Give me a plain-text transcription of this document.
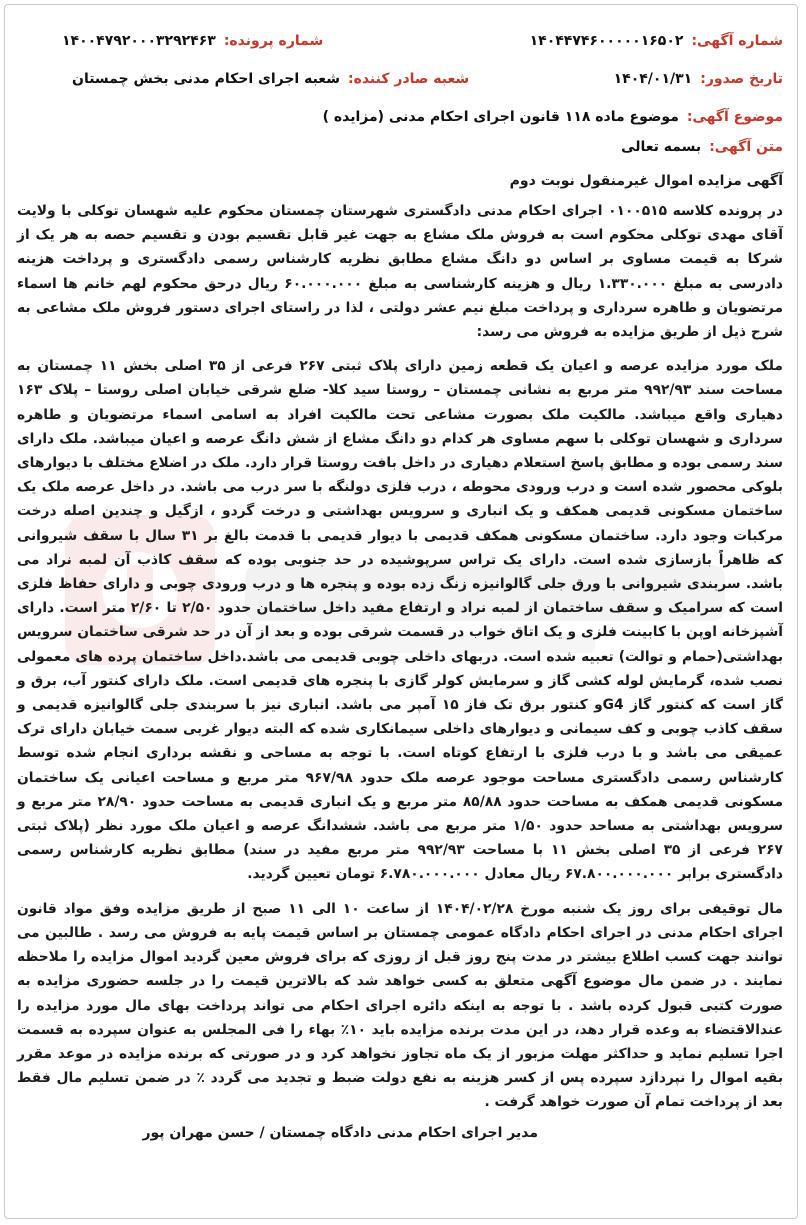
شماره آگهی:
۱۴۰۴۴۷۴۶۰۰۰۰۰۱۶۵۰۲
شماره پرونده:
۱۴۰۰۴۷۹۲۰۰۰۳۲۹۲۴۶۳
تاریخ صدور:
۱۴۰۴/۰۱/۳۱
شعبه صادر کننده:
شعبه اجرای احکام مدنی بخش چمستان
موضوع آگهی:
موضوع ماده ۱۱۸ قانون اجرای احکام مدنی (مزایده )
متن آگهی:
بسمه تعالی
آگهی مزایده اموال غیرمنقول نوبت دوم

در پرونده کلاسه ۰۱۰۰۵۱۵ اجرای احکام مدنی دادگستری شهرستان چمستان محکوم علیه شهسان توکلی با ولایت آقای مهدی توکلی محکوم است به فروش ملک مشاع به جهت غیر قابل تقسیم بودن و تقسیم حصه به هر یک از شرکا به قیمت مساوی بر اساس دو دانگ مشاع مطابق نظریه کارشناس رسمی دادگستری و پرداخت هزینه دادرسی به مبلغ ۱.۳۳۰.۰۰۰ ریال و هزینه کارشناسی به مبلغ ۶۰.۰۰۰.۰۰۰ ریال درحق محکوم لهم خانم ها اسماء مرتضویان و طاهره سرداری و پرداخت مبلغ نیم عشر دولتی ، لذا در راستای اجرای دستور فروش ملک مشاعی به شرح ذیل از طریق مزایده به فروش می رسد:

ملک مورد مزایده عرصه و اعیان یک قطعه زمین دارای پلاک ثبتی ۲۶۷ فرعی از ۳۵ اصلی بخش ۱۱ چمستان به مساحت سند ۹۹۲/۹۳ متر مربع به نشانی چمستان – روستا سید کلا- ضلع شرقی خیابان اصلی روستا – پلاک ۱۶۳ دهیاری واقع میباشد. مالکیت ملک بصورت مشاعی تحت مالکیت افراد به اسامی اسماء مرتضویان و طاهره سرداری و شهسان توکلی با سهم مساوی هر کدام دو دانگ مشاع از شش دانگ عرصه و اعیان میباشد. ملک دارای سند رسمی بوده و مطابق پاسخ استعلام دهیاری در داخل بافت روستا قرار دارد. ملک در اضلاع مختلف با دیوارهای بلوکی محصور شده است و درب ورودی محوطه ، درب فلزی دولنگه با سر درب می باشد. در داخل عرصه ملک یک ساختمان مسکونی قدیمی همکف و یک انباری و سرویس بهداشتی و درخت گردو ، ازگیل و چندین اصله درخت مرکبات وجود دارد. ساختمان مسکونی همکف قدیمی با دیوار قدیمی با قدمت بالغ بر ۳۱ سال با سقف شیروانی که ظاهراً بازسازی شده است. دارای یک تراس سرپوشیده در حد جنوبی بوده که سقف کاذب آن لمبه نراد می باشد. سربندی شیروانی با ورق جلی گالوانیزه زنگ زده بوده و پنجره ها و درب ورودی چوبی و دارای حفاظ فلزی است که سرامیک و سقف ساختمان از لمبه نراد و ارتفاع مفید داخل ساختمان حدود ۲/۵۰ تا ۲/۶۰ متر است. دارای آشپزخانه اوپن با کابینت فلزی و یک اتاق خواب در قسمت شرقی بوده و بعد از آن در حد شرقی ساختمان سرویس بهداشتی(حمام و توالت) تعبیه شده است. دربهای داخلی چوبی قدیمی می باشد.داخل ساختمان پرده های معمولی نصب شده، گرمایش لوله کشی گاز و سرمایش کولر گازی با پنجره های قدیمی است. ملک دارای کنتور آب، برق و گاز است که کنتور گاز G4و کنتور برق تک فاز ۱۵ آمپر می باشد. انباری نیز با سربندی جلی گالوانیزه قدیمی و سقف کاذب چوبی و کف سیمانی و دیوارهای داخلی سیمانکاری شده که البته دیوار غربی سمت خیابان دارای ترک عمیقی می باشد و با درب فلزی با ارتفاع کوتاه است. با توجه به مساحی و نقشه برداری انجام شده توسط کارشناس رسمی دادگستری مساحت موجود عرصه ملک حدود ۹۶۷/۹۸ متر مربع و مساحت اعیانی یک ساختمان مسکونی قدیمی همکف به مساحت حدود ۸۵/۸۸ متر مربع و یک انباری قدیمی به مساحت حدود ۲۸/۹۰ متر مربع و سرویس بهداشتی به مساحد حدود ۱/۵۰ متر مربع می باشد. ششدانگ عرصه و اعیان ملک مورد نظر (پلاک ثبتی ۲۶۷ فرعی از ۳۵ اصلی بخش ۱۱ با مساحت ۹۹۲/۹۳ متر مربع مفید در سند) مطابق نظریه کارشناس رسمی دادگستری برابر ۶۷.۸۰۰.۰۰۰.۰۰۰ ریال معادل ۶.۷۸۰.۰۰۰.۰۰۰ تومان تعیین گردید.

مال توقیفی برای روز یک شنبه مورخ ۱۴۰۴/۰۲/۲۸ از ساعت ۱۰ الی ۱۱ صبح از طریق مزایده وفق مواد قانون اجرای احکام مدنی در اجرای احکام دادگاه عمومی چمستان بر اساس قیمت پایه به فروش می رسد . طالبین می توانند جهت کسب اطلاع بیشتر در مدت پنج روز قبل از روزی که برای فروش معین گردید اموال مزایده را ملاحظه نمایند . در ضمن مال موضوع آگهی متعلق به کسی خواهد شد که بالاترین قیمت را در جلسه حضوری مزایده به صورت کتبی قبول کرده باشد . با توجه به اینکه دائره اجرای احکام می تواند پرداخت بهای مال مورد مزایده را عندالاقتضاء به وعده قرار دهد، در این مدت برنده مزایده باید ۱۰٪ بهاء را فی المجلس به عنوان سپرده به قسمت اجرا تسلیم نماید و حداکثر مهلت مزبور از یک ماه تجاوز نخواهد کرد و در صورتی که برنده مزایده در موعد مقرر بقیه اموال را نپردازد سپرده پس از کسر هزینه به نفع دولت ضبط و تجدید می گردد ٪ در ضمن تسلیم مال فقط بعد از پرداخت تمام آن صورت خواهد گرفت .

مدیر اجرای احکام مدنی دادگاه چمستان / حسن مهران پور
